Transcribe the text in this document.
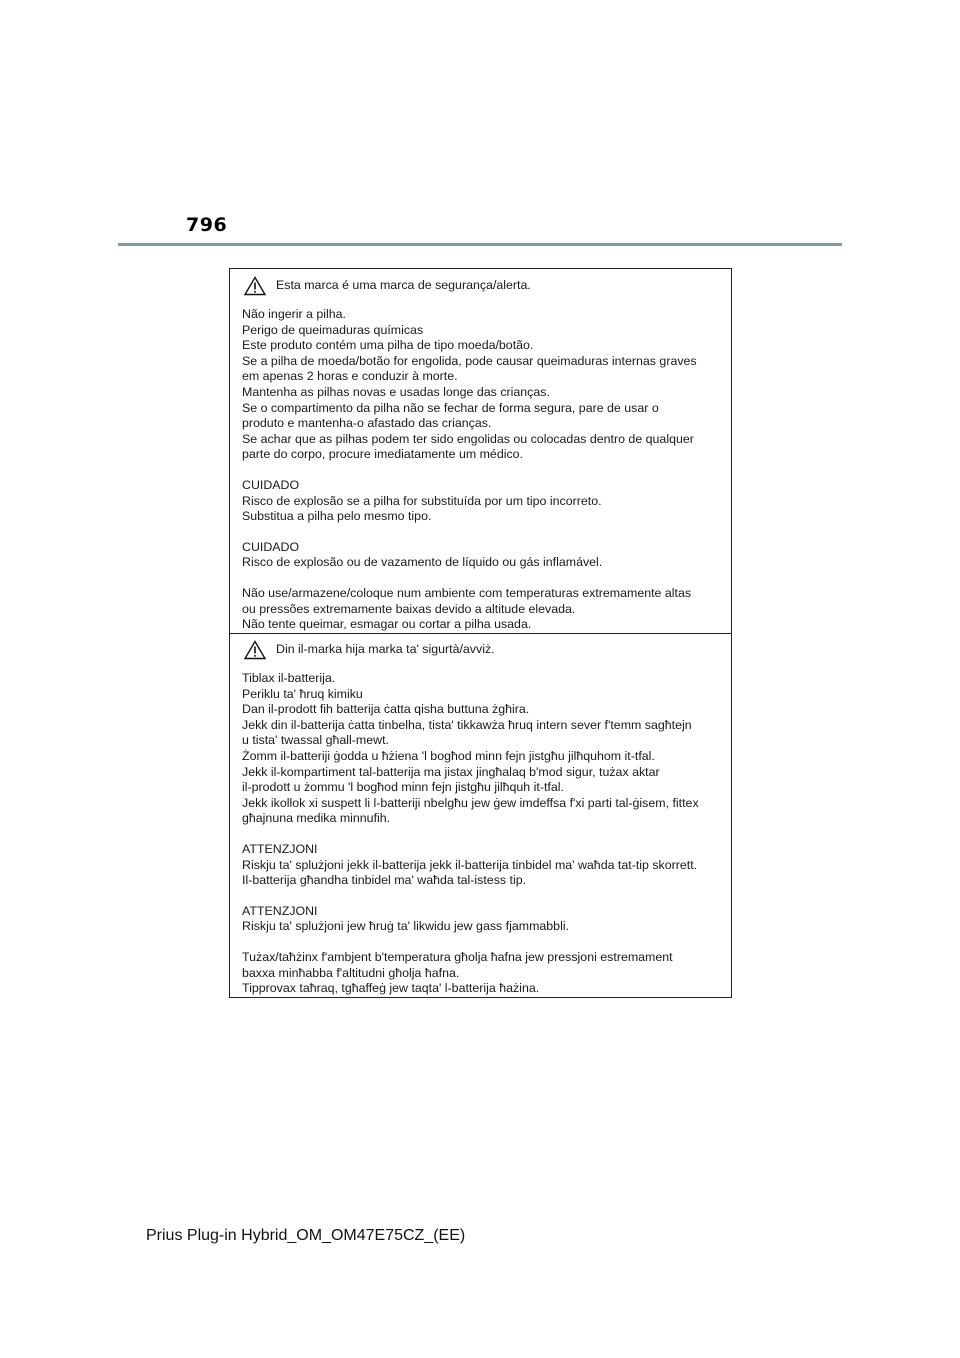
796
Esta marca é uma marca de segurança/alerta.
Não ingerir a pilha.
Perigo de queimaduras químicas
Este produto contém uma pilha de tipo moeda/botão.
Se a pilha de moeda/botão for engolida, pode causar queimaduras internas graves
em apenas 2 horas e conduzir à morte.
Mantenha as pilhas novas e usadas longe das crianças.
Se o compartimento da pilha não se fechar de forma segura, pare de usar o
produto e mantenha-o afastado das crianças.
Se achar que as pilhas podem ter sido engolidas ou colocadas dentro de qualquer
parte do corpo, procure imediatamente um médico.
CUIDADO
Risco de explosão se a pilha for substituída por um tipo incorreto.
Substitua a pilha pelo mesmo tipo.
CUIDADO
Risco de explosão ou de vazamento de líquido ou gás inflamável.
Não use/armazene/coloque num ambiente com temperaturas extremamente altas
ou pressões extremamente baixas devido a altitude elevada.
Não tente queimar, esmagar ou cortar a pilha usada.
Din il-marka hija marka ta' sigurtà/avviż.
Tiblax il-batterija.
Periklu ta' ħruq kimiku
Dan il-prodott fih batterija ċatta qisha buttuna żgħira.
Jekk din il-batterija ċatta tinbelha, tista' tikkawża ħruq intern sever f'temm sagħtejn
u tista' twassal għall-mewt.
Żomm il-batteriji ġodda u ħżiena 'l bogħod minn fejn jistgħu jilħquhom it-tfal.
Jekk il-kompartiment tal-batterija ma jistax jingħalaq b'mod sigur, tużax aktar
il-prodott u żommu 'l bogħod minn fejn jistgħu jilħquh it-tfal.
Jekk ikollok xi suspett li l-batteriji nbelgħu jew ġew imdeffsa f'xi parti tal-ġisem, fittex
għajnuna medika minnufih.
ATTENZJONI
Riskju ta' splużjoni jekk il-batterija jekk il-batterija tinbidel ma' waħda tat-tip skorrett.
Il-batterija għandha tinbidel ma' waħda tal-istess tip.
ATTENZJONI
Riskju ta' splużjoni jew ħruġ ta' likwidu jew gass fjammabbli.
Tużax/taħżinx f'ambjent b'temperatura għolja ħafna jew pressjoni estremament
baxxa minħabba f'altitudni għolja ħafna.
Tipprovax taħraq, tgħaffeġ jew taqta' l-batterija ħażina.
Prius Plug-in Hybrid_OM_OM47E75CZ_(EE)
